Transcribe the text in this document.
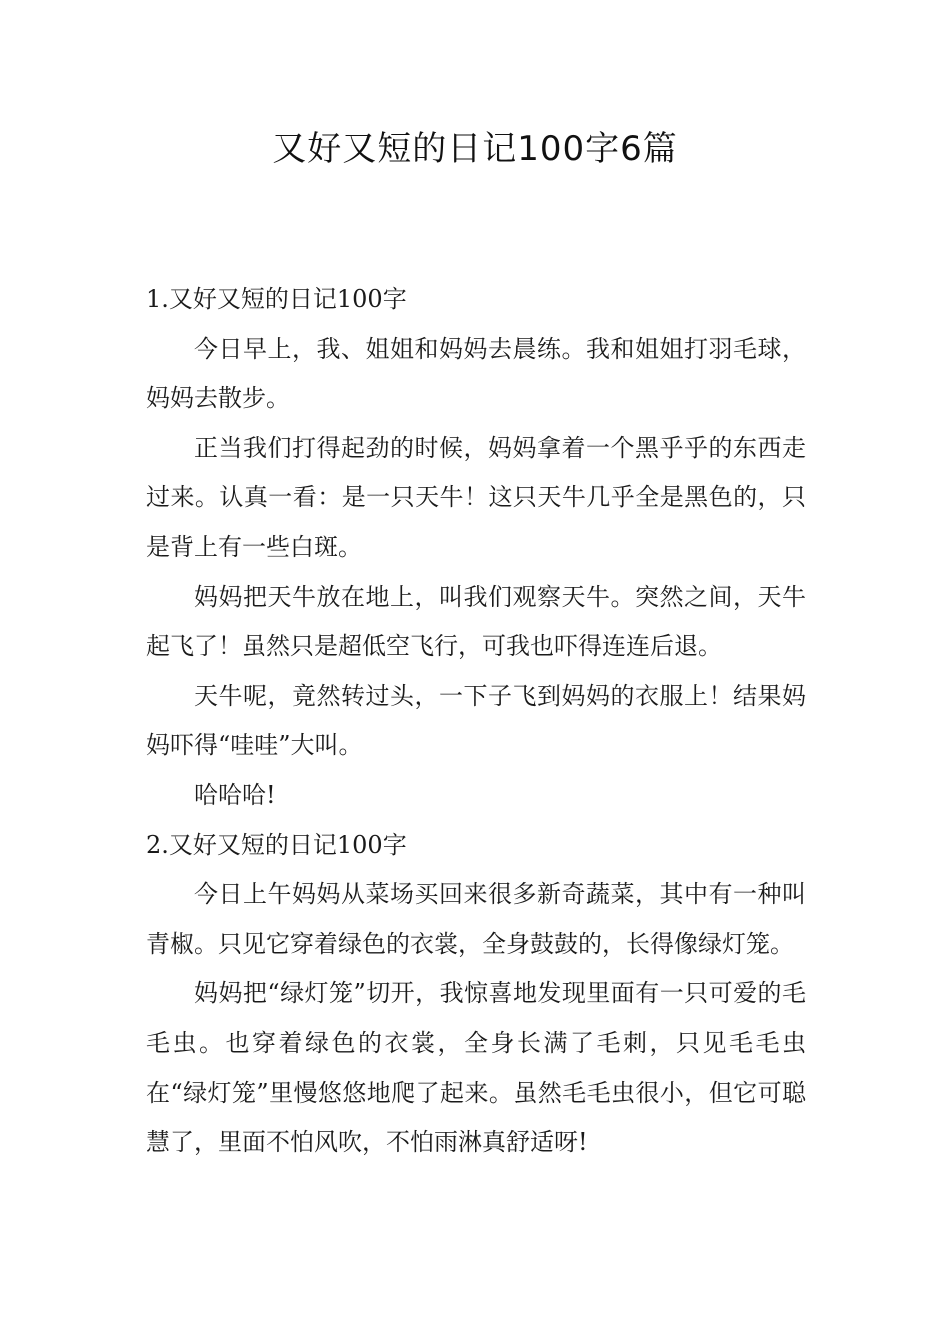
又好又短的日记100字6篇

1.又好又短的日记100字

今日早上，我、姐姐和妈妈去晨练。我和姐姐打羽毛球，妈妈去散步。

正当我们打得起劲的时候，妈妈拿着一个黑乎乎的东西走过来。认真一看：是一只天牛！这只天牛几乎全是黑色的，只是背上有一些白斑。

妈妈把天牛放在地上，叫我们观察天牛。突然之间，天牛起飞了！虽然只是超低空飞行，可我也吓得连连后退。

天牛呢，竟然转过头，一下子飞到妈妈的衣服上！结果妈妈吓得“哇哇”大叫。

哈哈哈!

2.又好又短的日记100字

今日上午妈妈从菜场买回来很多新奇蔬菜，其中有一种叫青椒。只见它穿着绿色的衣裳，全身鼓鼓的，长得像绿灯笼。

妈妈把“绿灯笼”切开，我惊喜地发现里面有一只可爱的毛毛虫。也穿着绿色的衣裳，全身长满了毛刺，只见毛毛虫在“绿灯笼”里慢悠悠地爬了起来。虽然毛毛虫很小，但它可聪慧了，里面不怕风吹，不怕雨淋真舒适呀!
